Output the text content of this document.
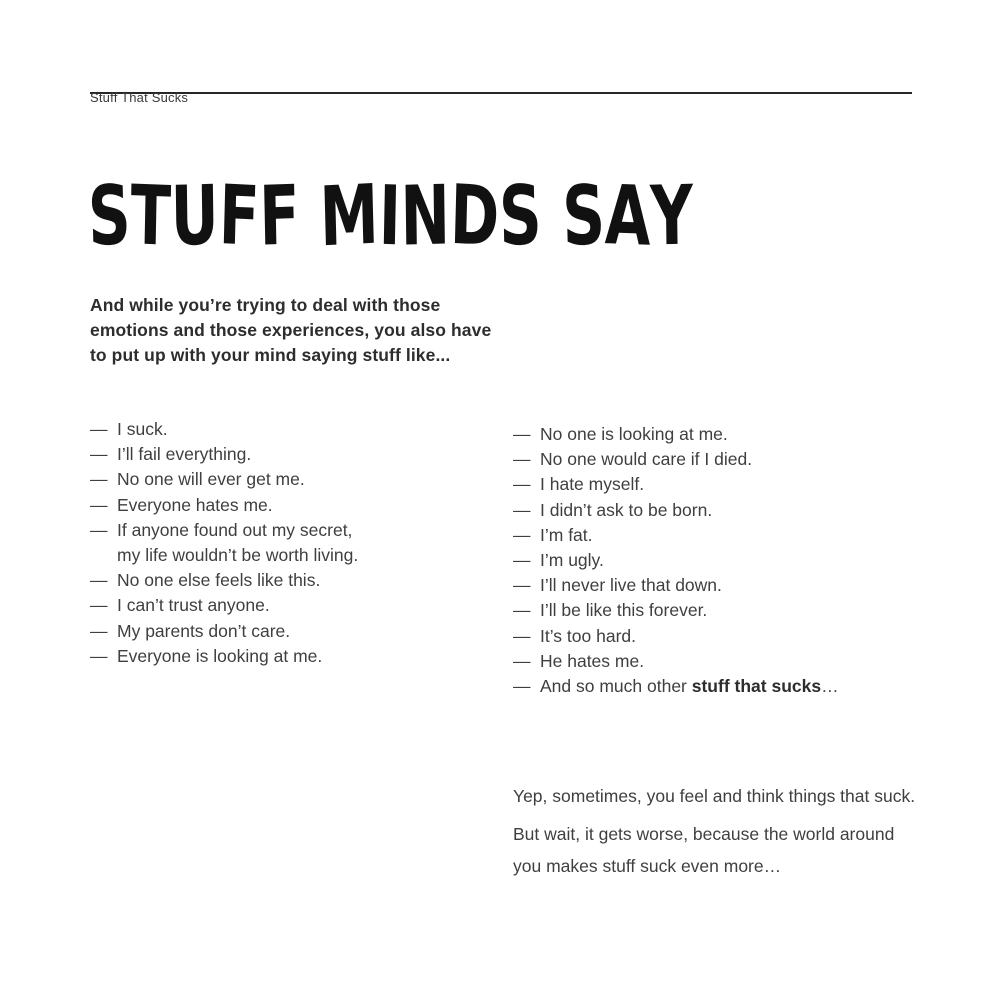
Stuff That Sucks
STUFF MINDS SAY
And while you’re trying to deal with those
emotions and those experiences, you also have
to put up with your mind saying stuff like...
— I suck.
— I’ll fail everything.
— No one will ever get me.
— Everyone hates me.
— If anyone found out my secret,
my life wouldn’t be worth living.
— No one else feels like this.
— I can’t trust anyone.
— My parents don’t care.
— Everyone is looking at me.
— No one is looking at me.
— No one would care if I died.
— I hate myself.
— I didn’t ask to be born.
— I’m fat.
— I’m ugly.
— I’ll never live that down.
— I’ll be like this forever.
— It’s too hard.
— He hates me.
— And so much other stuff that sucks…

Yep, sometimes, you feel and think things that suck.

But wait, it gets worse, because the world around
you makes stuff suck even more…
